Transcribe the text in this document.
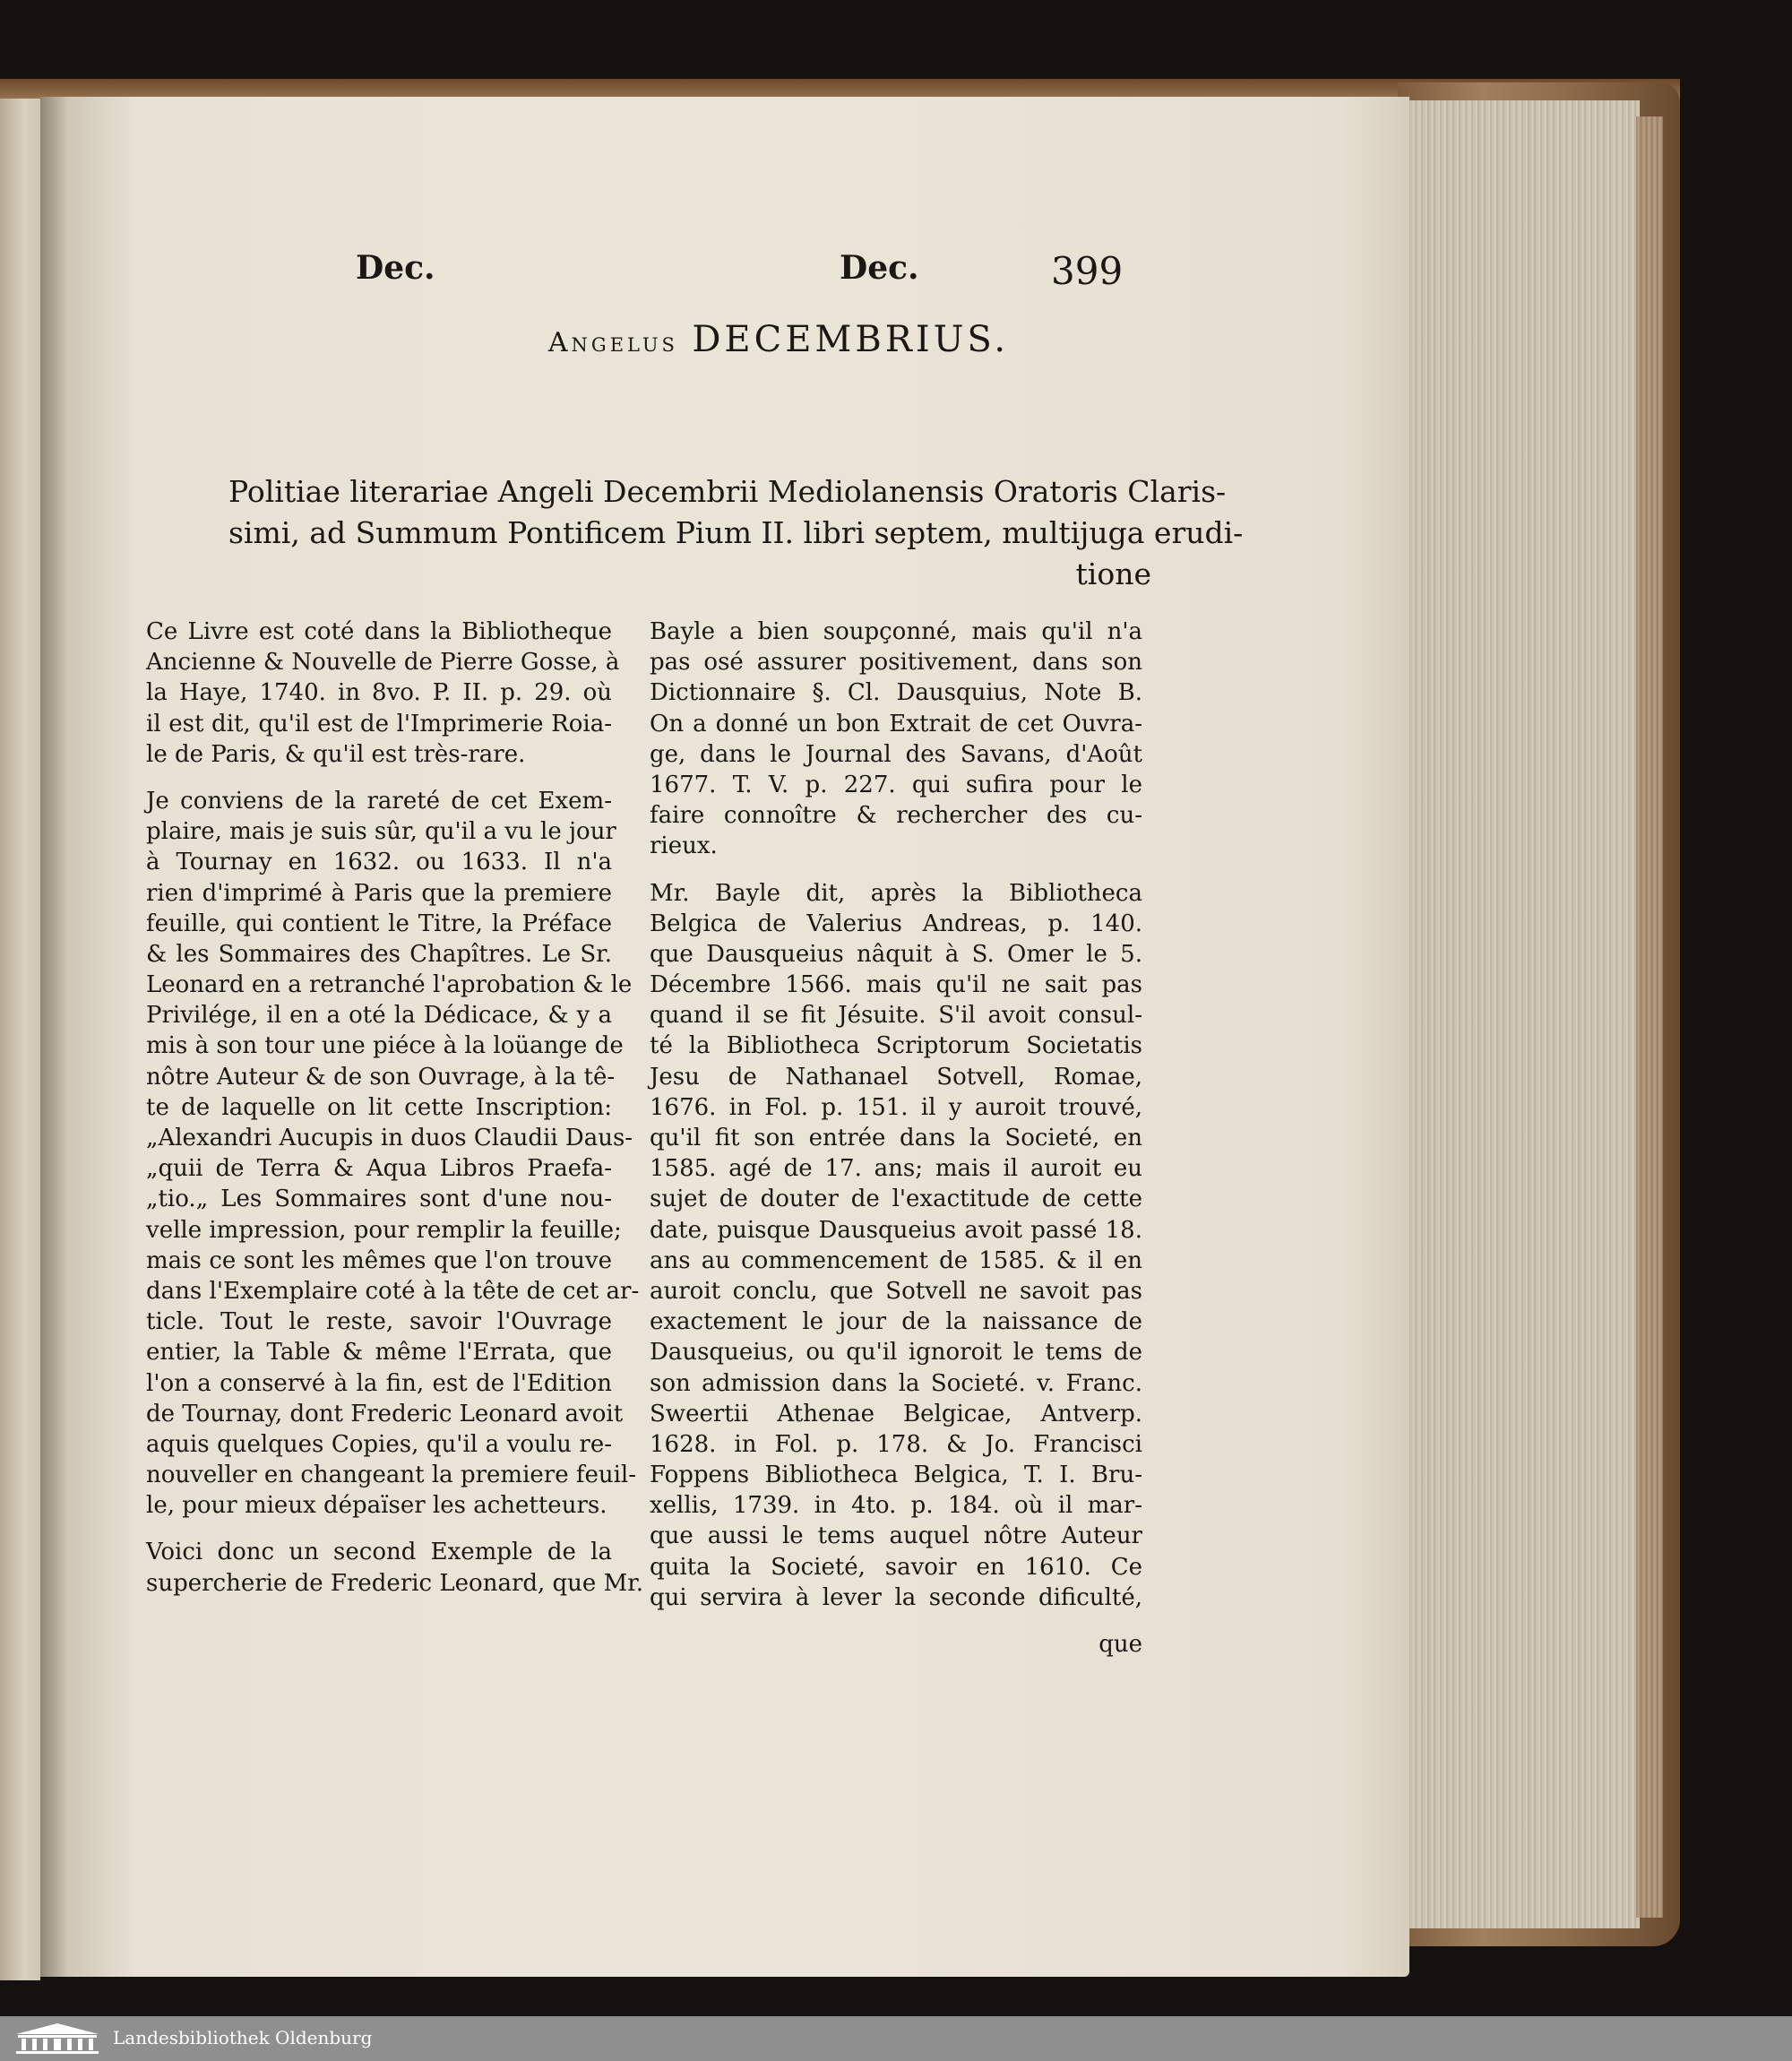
Dec.	Dec.	399
Angelus DECEMBRIUS.
Politiae literariae Angeli Decembrii Mediolanensis Oratoris Claris-
simi, ad Summum Pontificem Pium II. libri septem, multijuga erudi-
tione

Ce Livre est coté dans la Bibliotheque
Ancienne & Nouvelle de Pierre Gosse, à
la Haye, 1740. in 8vo. P. II. p. 29. où
il est dit, qu'il est de l'Imprimerie Roia-
le de Paris, & qu'il est très-rare.

Je conviens de la rareté de cet Exem-
plaire, mais je suis sûr, qu'il a vu le jour
à Tournay en 1632. ou 1633. Il n'a
rien d'imprimé à Paris que la premiere
feuille, qui contient le Titre, la Préface
& les Sommaires des Chapîtres. Le Sr.
Leonard en a retranché l'aprobation & le
Privilége, il en a oté la Dédicace, & y a
mis à son tour une piéce à la loüange de
nôtre Auteur & de son Ouvrage, à la tê-
te de laquelle on lit cette Inscription:
„Alexandri Aucupis in duos Claudii Daus-
„quii de Terra & Aqua Libros Praefa-
„tio.„ Les Sommaires sont d'une nou-
velle impression, pour remplir la feuille;
mais ce sont les mêmes que l'on trouve
dans l'Exemplaire coté à la tête de cet ar-
ticle. Tout le reste, savoir l'Ouvrage
entier, la Table & même l'Errata, que
l'on a conservé à la fin, est de l'Edition
de Tournay, dont Frederic Leonard avoit
aquis quelques Copies, qu'il a voulu re-
nouveller en changeant la premiere feuil-
le, pour mieux dépaïser les achetteurs.

Voici donc un second Exemple de la
supercherie de Frederic Leonard, que Mr.

Bayle a bien soupçonné, mais qu'il n'a
pas osé assurer positivement, dans son
Dictionnaire §. Cl. Dausquius, Note B.
On a donné un bon Extrait de cet Ouvra-
ge, dans le Journal des Savans, d'Août
1677. T. V. p. 227. qui sufira pour le
faire connoître & rechercher des cu-
rieux.

Mr. Bayle dit, après la Bibliotheca
Belgica de Valerius Andreas, p. 140.
que Dausqueius nâquit à S. Omer le 5.
Décembre 1566. mais qu'il ne sait pas
quand il se fit Jésuite. S'il avoit consul-
té la Bibliotheca Scriptorum Societatis
Jesu de Nathanael Sotvell, Romae,
1676. in Fol. p. 151. il y auroit trouvé,
qu'il fit son entrée dans la Societé, en
1585. agé de 17. ans; mais il auroit eu
sujet de douter de l'exactitude de cette
date, puisque Dausqueius avoit passé 18.
ans au commencement de 1585. & il en
auroit conclu, que Sotvell ne savoit pas
exactement le jour de la naissance de
Dausqueius, ou qu'il ignoroit le tems de
son admission dans la Societé. v. Franc.
Sweertii Athenae Belgicae, Antverp.
1628. in Fol. p. 178. & Jo. Francisci
Foppens Bibliotheca Belgica, T. I. Bru-
xellis, 1739. in 4to. p. 184. où il mar-
que aussi le tems auquel nôtre Auteur
quita la Societé, savoir en 1610. Ce
qui servira à lever la seconde dificulté,

que
Landesbibliothek Oldenburg
